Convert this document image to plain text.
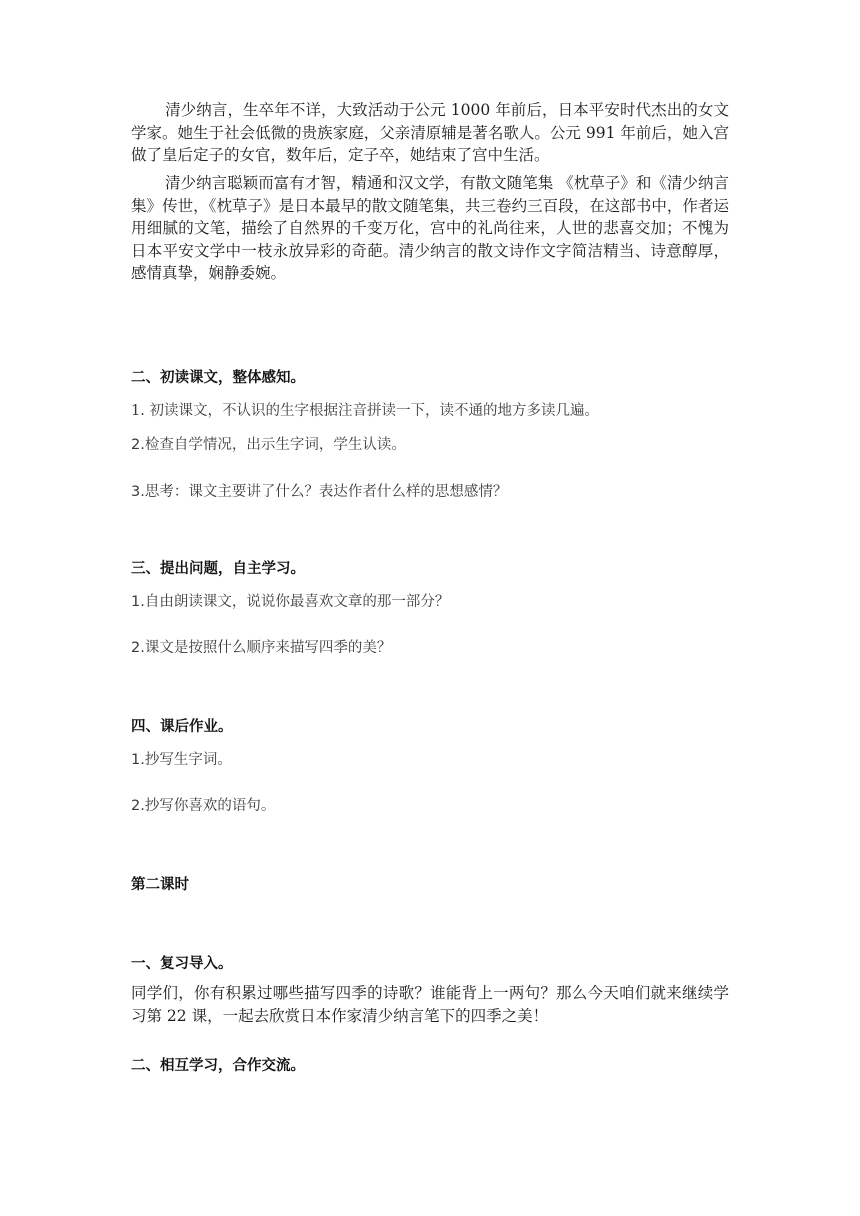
清少纳言，生卒年不详，大致活动于公元 1000 年前后，日本平安时代杰出的女文学家。她生于社会低微的贵族家庭，父亲清原辅是著名歌人。公元 991 年前后，她入宫做了皇后定子的女官，数年后，定子卒，她结束了宫中生活。

清少纳言聪颖而富有才智，精通和汉文学，有散文随笔集 《枕草子》和《清少纳言集》传世，《枕草子》是日本最早的散文随笔集，共三卷约三百段，在这部书中，作者运用细腻的文笔，描绘了自然界的千变万化，宫中的礼尚往来，人世的悲喜交加；不愧为日本平安文学中一枝永放异彩的奇葩。清少纳言的散文诗作文字简洁精当、诗意醇厚，感情真挚，娴静委婉。

二、初读课文，整体感知。

1. 初读课文，不认识的生字根据注音拼读一下，读不通的地方多读几遍。

2.检查自学情况，出示生字词，学生认读。

3.思考：课文主要讲了什么？表达作者什么样的思想感情？

三、提出问题，自主学习。

1.自由朗读课文，说说你最喜欢文章的那一部分？

2.课文是按照什么顺序来描写四季的美？

四、课后作业。

1.抄写生字词。

2.抄写你喜欢的语句。

第二课时

一、复习导入。

同学们，你有积累过哪些描写四季的诗歌？谁能背上一两句？那么今天咱们就来继续学习第 22 课，一起去欣赏日本作家清少纳言笔下的四季之美！

二、相互学习，合作交流。
